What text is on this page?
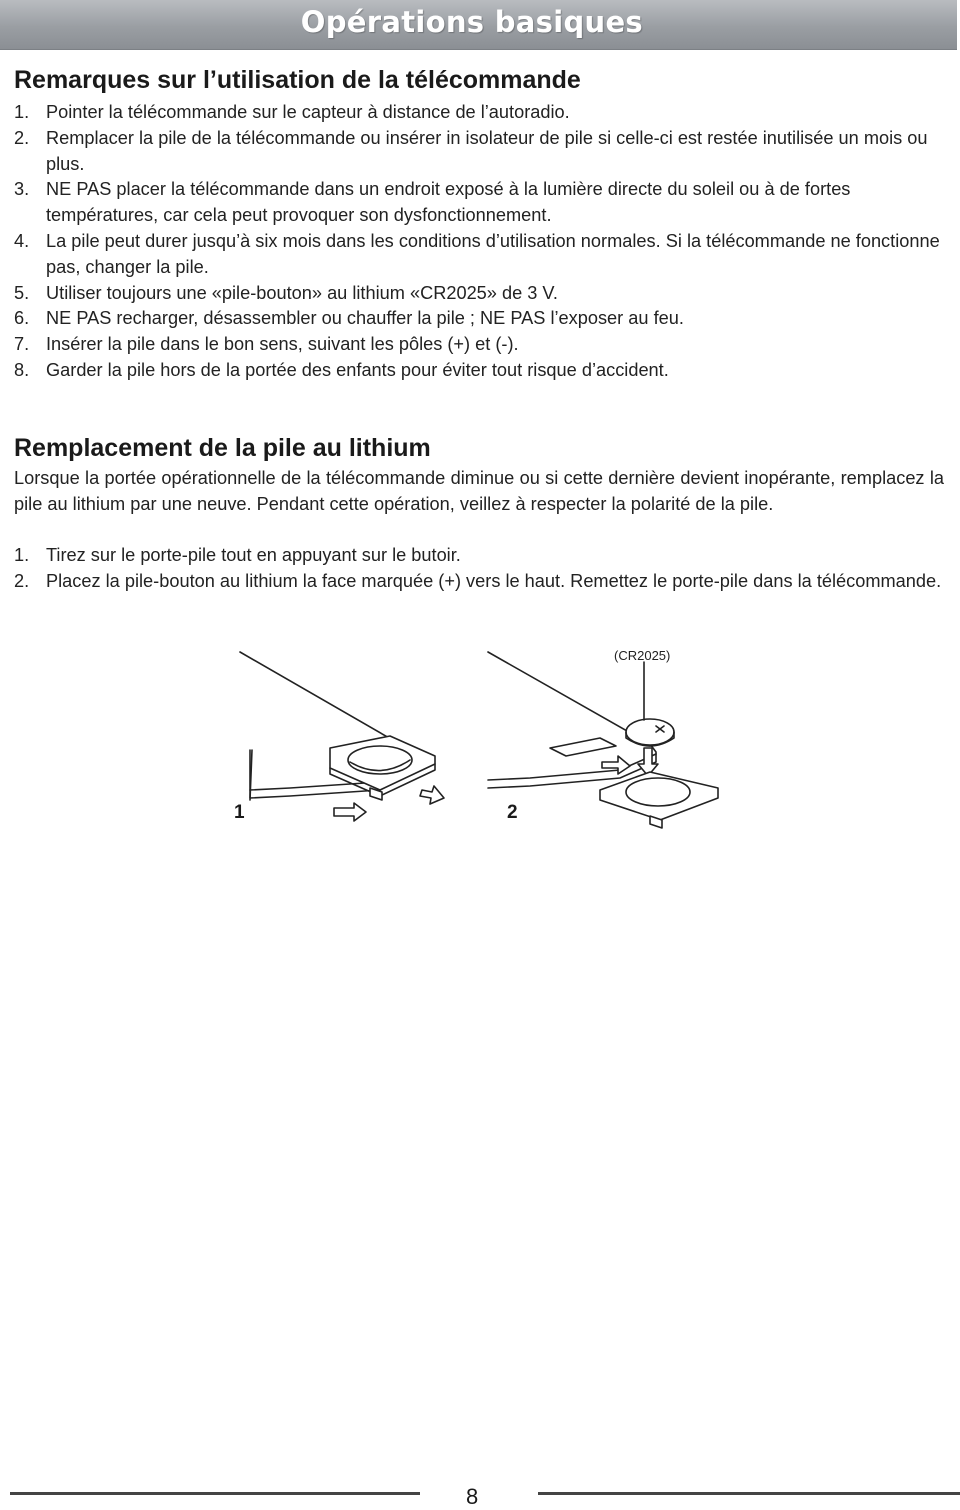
Opérations basiques
Remarques sur l’utilisation de la télécommande
1. Pointer la télécommande sur le capteur à distance de l’autoradio.
2. Remplacer la pile de la télécommande ou insérer in isolateur de pile si celle-ci est restée inutilisée un mois ou plus.
3. NE PAS placer la télécommande dans un endroit exposé à la lumière directe du soleil ou à de fortes températures, car cela peut provoquer son dysfonctionnement.
4. La pile peut durer jusqu’à six mois dans les conditions d’utilisation normales. Si la télécommande ne fonctionne pas, changer la pile.
5. Utiliser toujours une «pile-bouton» au lithium «CR2025» de 3 V.
6. NE PAS recharger, désassembler ou chauffer la pile ; NE PAS l’exposer au feu.
7. Insérer la pile dans le bon sens, suivant les pôles (+) et (-).
8. Garder la pile hors de la portée des enfants pour éviter tout risque d’accident.
Remplacement de la pile au lithium

Lorsque la portée opérationnelle de la télécommande diminue ou si cette dernière devient inopérante, remplacez la pile au lithium par une neuve. Pendant cette opération, veillez à respecter la polarité de la pile.

1. Tirez sur le porte-pile tout en appuyant sur le butoir.
2. Placez la pile-bouton au lithium la face marquée (+) vers le haut. Remettez le porte-pile dans la télécommande.
1	2
(CR2025)
8
